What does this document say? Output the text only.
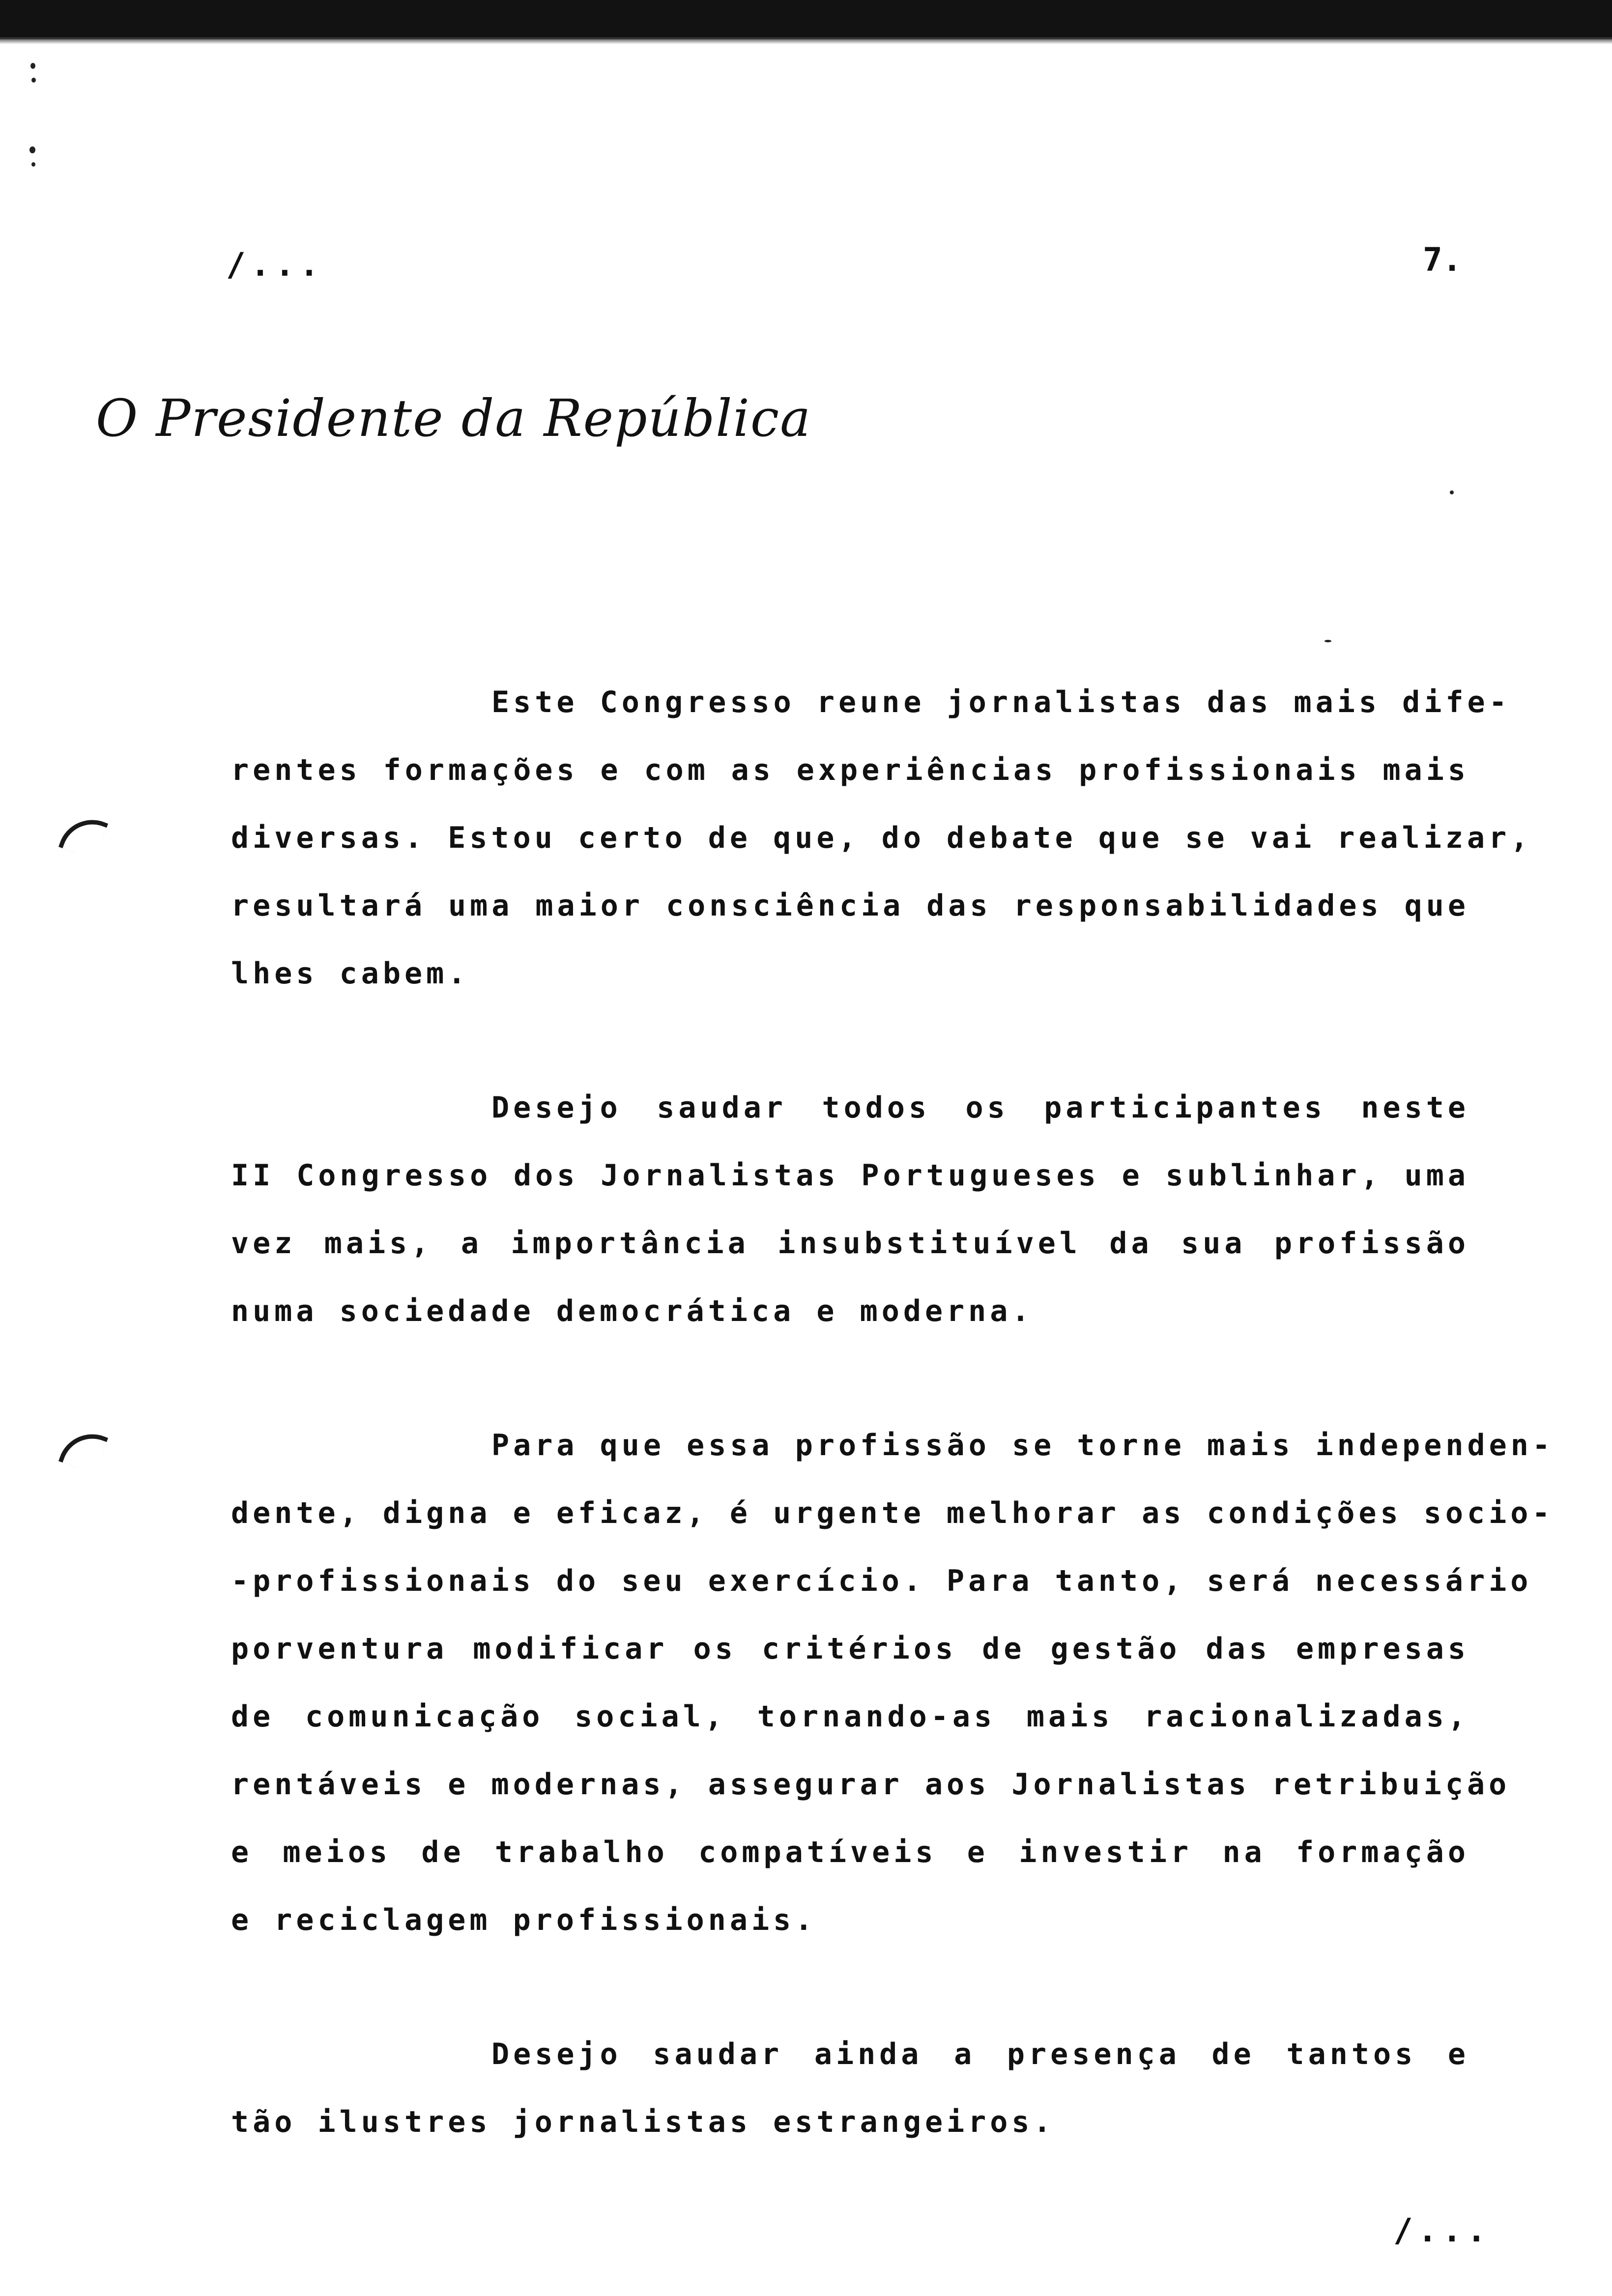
/...	7.
O Presidente da República
Este Congresso reune jornalistas das mais dife-
rentes formações e com as experiências profissionais mais
diversas. Estou certo de que, do debate que se vai realizar,
resultará uma maior consciência das responsabilidades que
lhes cabem.
Desejo saudar todos os participantes neste
II Congresso dos Jornalistas Portugueses e sublinhar, uma
vez mais, a importância insubstituível da sua profissão
numa sociedade democrática e moderna.
Para que essa profissão se torne mais independen-
dente, digna e eficaz, é urgente melhorar as condições socio-
-profissionais do seu exercício. Para tanto, será necessário
porventura modificar os critérios de gestão das empresas
de comunicação social, tornando-as mais racionalizadas,
rentáveis e modernas, assegurar aos Jornalistas retribuição
e meios de trabalho compatíveis e investir na formação
e reciclagem profissionais.
Desejo saudar ainda a presença de tantos e
tão ilustres jornalistas estrangeiros.
/...
